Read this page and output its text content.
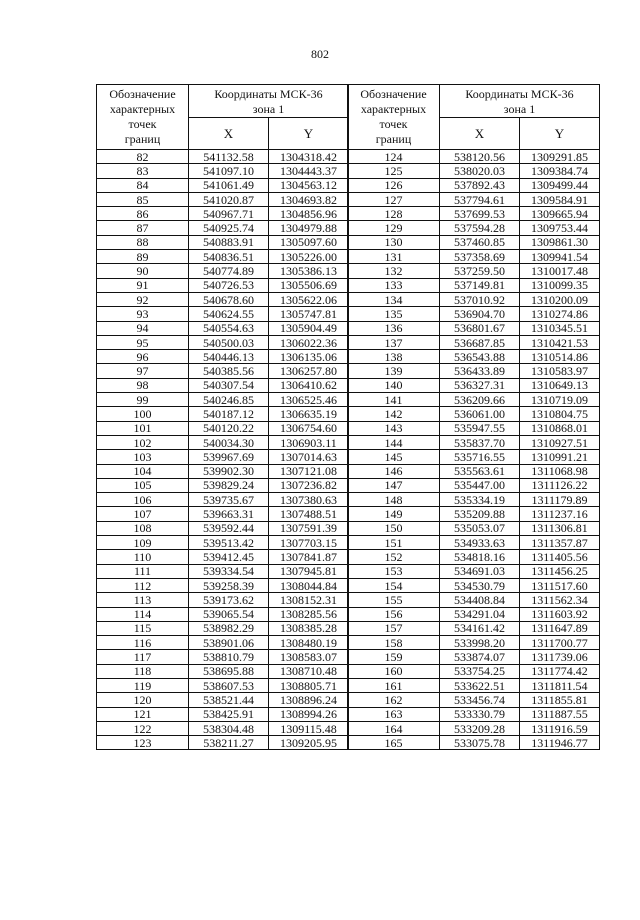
802
Обозначение
характерных
точек
границ	Координаты МСК-36
зона 1	

	X	Y
82	541132.58	1304318.42
83	541097.10	1304443.37
84	541061.49	1304563.12
85	541020.87	1304693.82
86	540967.71	1304856.96
87	540925.74	1304979.88
88	540883.91	1305097.60
89	540836.51	1305226.00
90	540774.89	1305386.13
91	540726.53	1305506.69
92	540678.60	1305622.06
93	540624.55	1305747.81
94	540554.63	1305904.49
95	540500.03	1306022.36
96	540446.13	1306135.06
97	540385.56	1306257.80
98	540307.54	1306410.62
99	540246.85	1306525.46
100	540187.12	1306635.19
101	540120.22	1306754.60
102	540034.30	1306903.11
103	539967.69	1307014.63
104	539902.30	1307121.08
105	539829.24	1307236.82
106	539735.67	1307380.63
107	539663.31	1307488.51
108	539592.44	1307591.39
109	539513.42	1307703.15
110	539412.45	1307841.87
111	539334.54	1307945.81
112	539258.39	1308044.84
113	539173.62	1308152.31
114	539065.54	1308285.56
115	538982.29	1308385.28
116	538901.06	1308480.19
117	538810.79	1308583.07
118	538695.88	1308710.48
119	538607.53	1308805.71
120	538521.44	1308896.24
121	538425.91	1308994.26
122	538304.48	1309115.48
123	538211.27	1309205.95
Обозначение
характерных
точек
границ	Координаты МСК-36
зона 1	

	X	Y
124	538120.56	1309291.85
125	538020.03	1309384.74
126	537892.43	1309499.44
127	537794.61	1309584.91
128	537699.53	1309665.94
129	537594.28	1309753.44
130	537460.85	1309861.30
131	537358.69	1309941.54
132	537259.50	1310017.48
133	537149.81	1310099.35
134	537010.92	1310200.09
135	536904.70	1310274.86
136	536801.67	1310345.51
137	536687.85	1310421.53
138	536543.88	1310514.86
139	536433.89	1310583.97
140	536327.31	1310649.13
141	536209.66	1310719.09
142	536061.00	1310804.75
143	535947.55	1310868.01
144	535837.70	1310927.51
145	535716.55	1310991.21
146	535563.61	1311068.98
147	535447.00	1311126.22
148	535334.19	1311179.89
149	535209.88	1311237.16
150	535053.07	1311306.81
151	534933.63	1311357.87
152	534818.16	1311405.56
153	534691.03	1311456.25
154	534530.79	1311517.60
155	534408.84	1311562.34
156	534291.04	1311603.92
157	534161.42	1311647.89
158	533998.20	1311700.77
159	533874.07	1311739.06
160	533754.25	1311774.42
161	533622.51	1311811.54
162	533456.74	1311855.81
163	533330.79	1311887.55
164	533209.28	1311916.59
165	533075.78	1311946.77
